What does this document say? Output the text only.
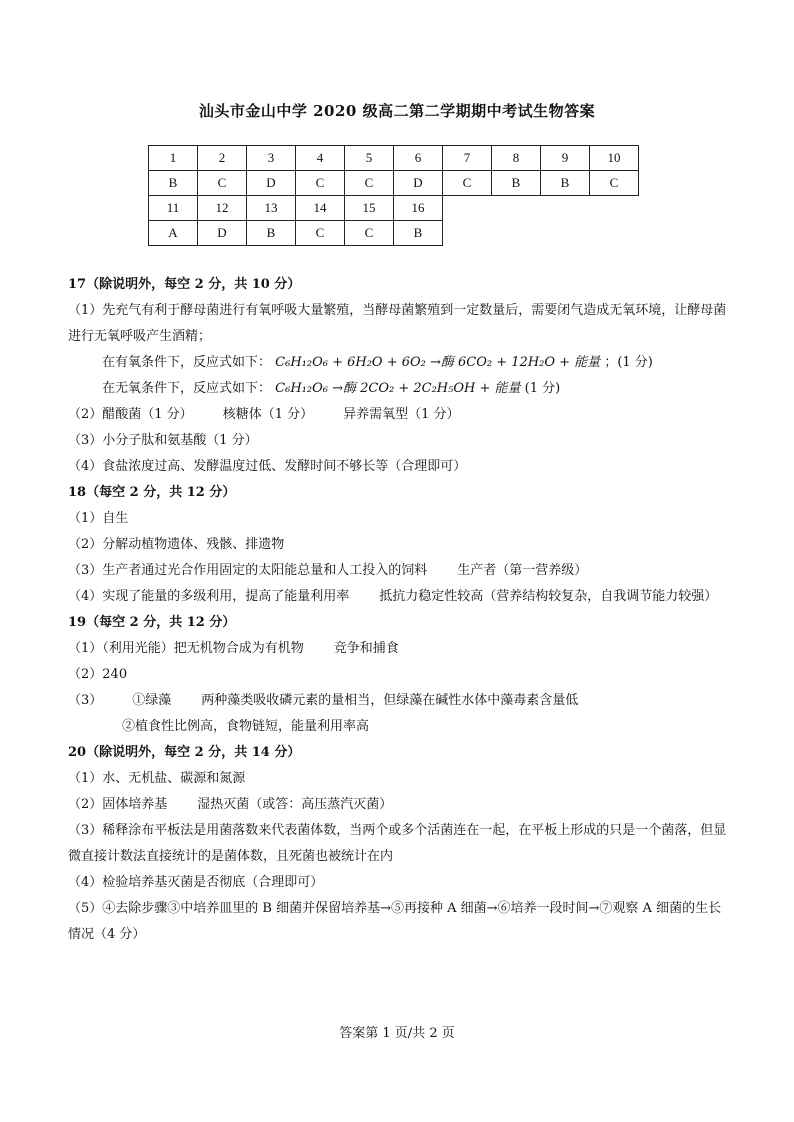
汕头市金山中学 2020 级高二第二学期期中考试生物答案
1	2	3	4	5	6	7	8	9	10
B	C	D	C	C	D	C	B	B	C
11	12	13	14	15	16				
A	D	B	C	C	B				
17（除说明外，每空 2 分，共 10 分）
（1）先充气有利于酵母菌进行有氧呼吸大量繁殖，当酵母菌繁殖到一定数量后，需要闭气造成无氧环境，让酵母菌进行无氧呼吸产生酒精；
在有氧条件下，反应式如下： C₆H₁₂O₆ + 6H₂O + 6O₂ →酶 6CO₂ + 12H₂O + 能量 ；(1 分)
在无氧条件下，反应式如下： C₆H₁₂O₆ →酶 2CO₂ + 2C₂H₅OH + 能量 (1 分)
（2）醋酸菌（1 分） 核糖体（1 分） 异养需氧型（1 分）
（3）小分子肽和氨基酸（1 分）
（4）食盐浓度过高、发酵温度过低、发酵时间不够长等（合理即可）
18（每空 2 分，共 12 分）
（1）自生
（2）分解动植物遗体、残骸、排遗物
（3）生产者通过光合作用固定的太阳能总量和人工投入的饲料 生产者（第一营养级）
（4）实现了能量的多级利用，提高了能量利用率 抵抗力稳定性较高（营养结构较复杂，自我调节能力较强）
19（每空 2 分，共 12 分）
（1）（利用光能）把无机物合成为有机物 竞争和捕食
（2）240
（3） ①绿藻 两种藻类吸收磷元素的量相当，但绿藻在碱性水体中藻毒素含量低
②植食性比例高，食物链短，能量利用率高
20（除说明外，每空 2 分，共 14 分）
（1）水、无机盐、碳源和氮源
（2）固体培养基 湿热灭菌（或答：高压蒸汽灭菌）
（3）稀释涂布平板法是用菌落数来代表菌体数，当两个或多个活菌连在一起，在平板上形成的只是一个菌落，但显微直接计数法直接统计的是菌体数，且死菌也被统计在内
（4）检验培养基灭菌是否彻底（合理即可）
（5）④去除步骤③中培养皿里的 B 细菌并保留培养基→⑤再接种 A 细菌→⑥培养一段时间→⑦观察 A 细菌的生长情况（4 分）
答案第 1 页/共 2 页
